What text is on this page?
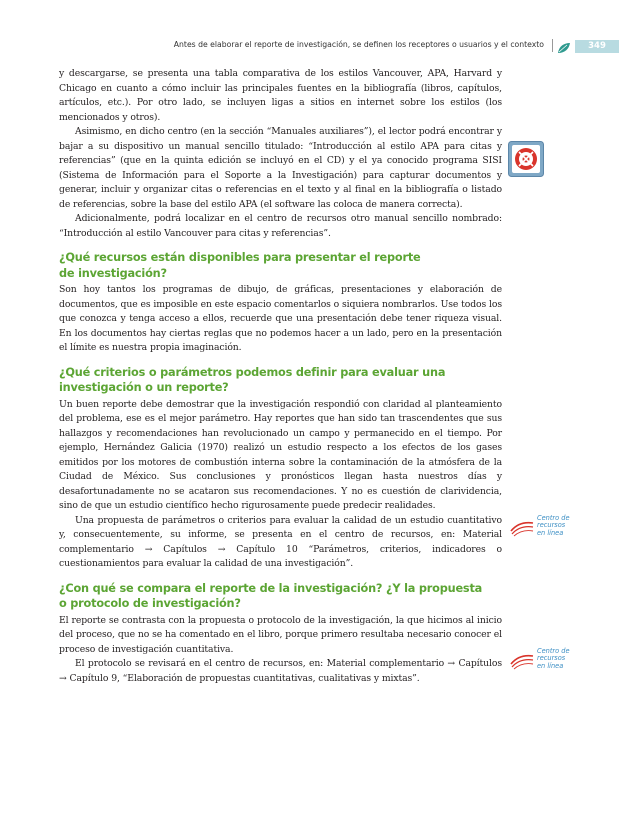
Antes de elaborar el reporte de investigación, se definen los receptores o usuarios y el contexto	349

y descargarse, se presenta una tabla comparativa de los estilos Vancouver, APA, Harvard y Chicago en cuanto a cómo incluir las principales fuentes en la bibliografía (libros, capítulos, artículos, etc.). Por otro lado, se incluyen ligas a sitios en internet sobre los estilos (los mencionados y otros).

Asimismo, en dicho centro (en la sección “Manuales auxiliares”), el lector podrá encontrar y bajar a su dispositivo un manual sencillo titulado: “Introducción al estilo APA para citas y referencias” (que en la quinta edición se incluyó en el CD) y el ya conocido programa SISI (Sistema de Información para el Soporte a la Investigación) para capturar documentos y generar, incluir y organizar citas o referencias en el texto y al final en la bibliografía o listado de referencias, sobre la base del estilo APA (el software las coloca de manera correcta).

Adicionalmente, podrá localizar en el centro de recursos otro manual sencillo nombrado: “Introducción al estilo Vancouver para citas y referencias”.

¿Qué recursos están disponibles para presentar el reporte
de investigación?

Son hoy tantos los programas de dibujo, de gráficas, presentaciones y elaboración de documentos, que es imposible en este espacio comentarlos o siquiera nombrarlos. Use todos los que conozca y tenga acceso a ellos, recuerde que una presentación debe tener riqueza visual. En los documentos hay ciertas reglas que no podemos hacer a un lado, pero en la presentación el límite es nuestra propia imaginación.

¿Qué criterios o parámetros podemos definir para evaluar una
investigación o un reporte?

Un buen reporte debe demostrar que la investigación respondió con claridad al planteamiento del problema, ese es el mejor parámetro. Hay reportes que han sido tan trascendentes que sus hallazgos y recomendaciones han revolucionado un campo y permanecido en el tiempo. Por ejemplo, Hernández Galicia (1970) realizó un estudio respecto a los efectos de los gases emitidos por los motores de combustión interna sobre la contaminación de la atmósfera de la Ciudad de México. Sus conclusiones y pronósticos llegan hasta nuestros días y desafortunadamente no se acataron sus recomendaciones. Y no es cuestión de clarividencia, sino de que un estudio científico hecho rigurosamente puede predecir realidades.

Una propuesta de parámetros o criterios para evaluar la calidad de un estudio cuantitativo y, consecuentemente, su informe, se presenta en el centro de recursos, en: Material complementario → Capítulos → Capítulo 10 “Parámetros, criterios, indicadores o cuestionamientos para evaluar la calidad de una investigación”.

¿Con qué se compara el reporte de la investigación? ¿Y la propuesta
o protocolo de investigación?

El reporte se contrasta con la propuesta o protocolo de la investigación, la que hicimos al inicio del proceso, que no se ha comentado en el libro, porque primero resultaba necesario conocer el proceso de investigación cuantitativa.

El protocolo se revisará en el centro de recursos, en: Material complementario → Capítulos → Capítulo 9, “Elaboración de propuestas cuantitativas, cualitativas y mixtas”.

Centro de
recursos
en línea
Centro de
recursos
en línea
